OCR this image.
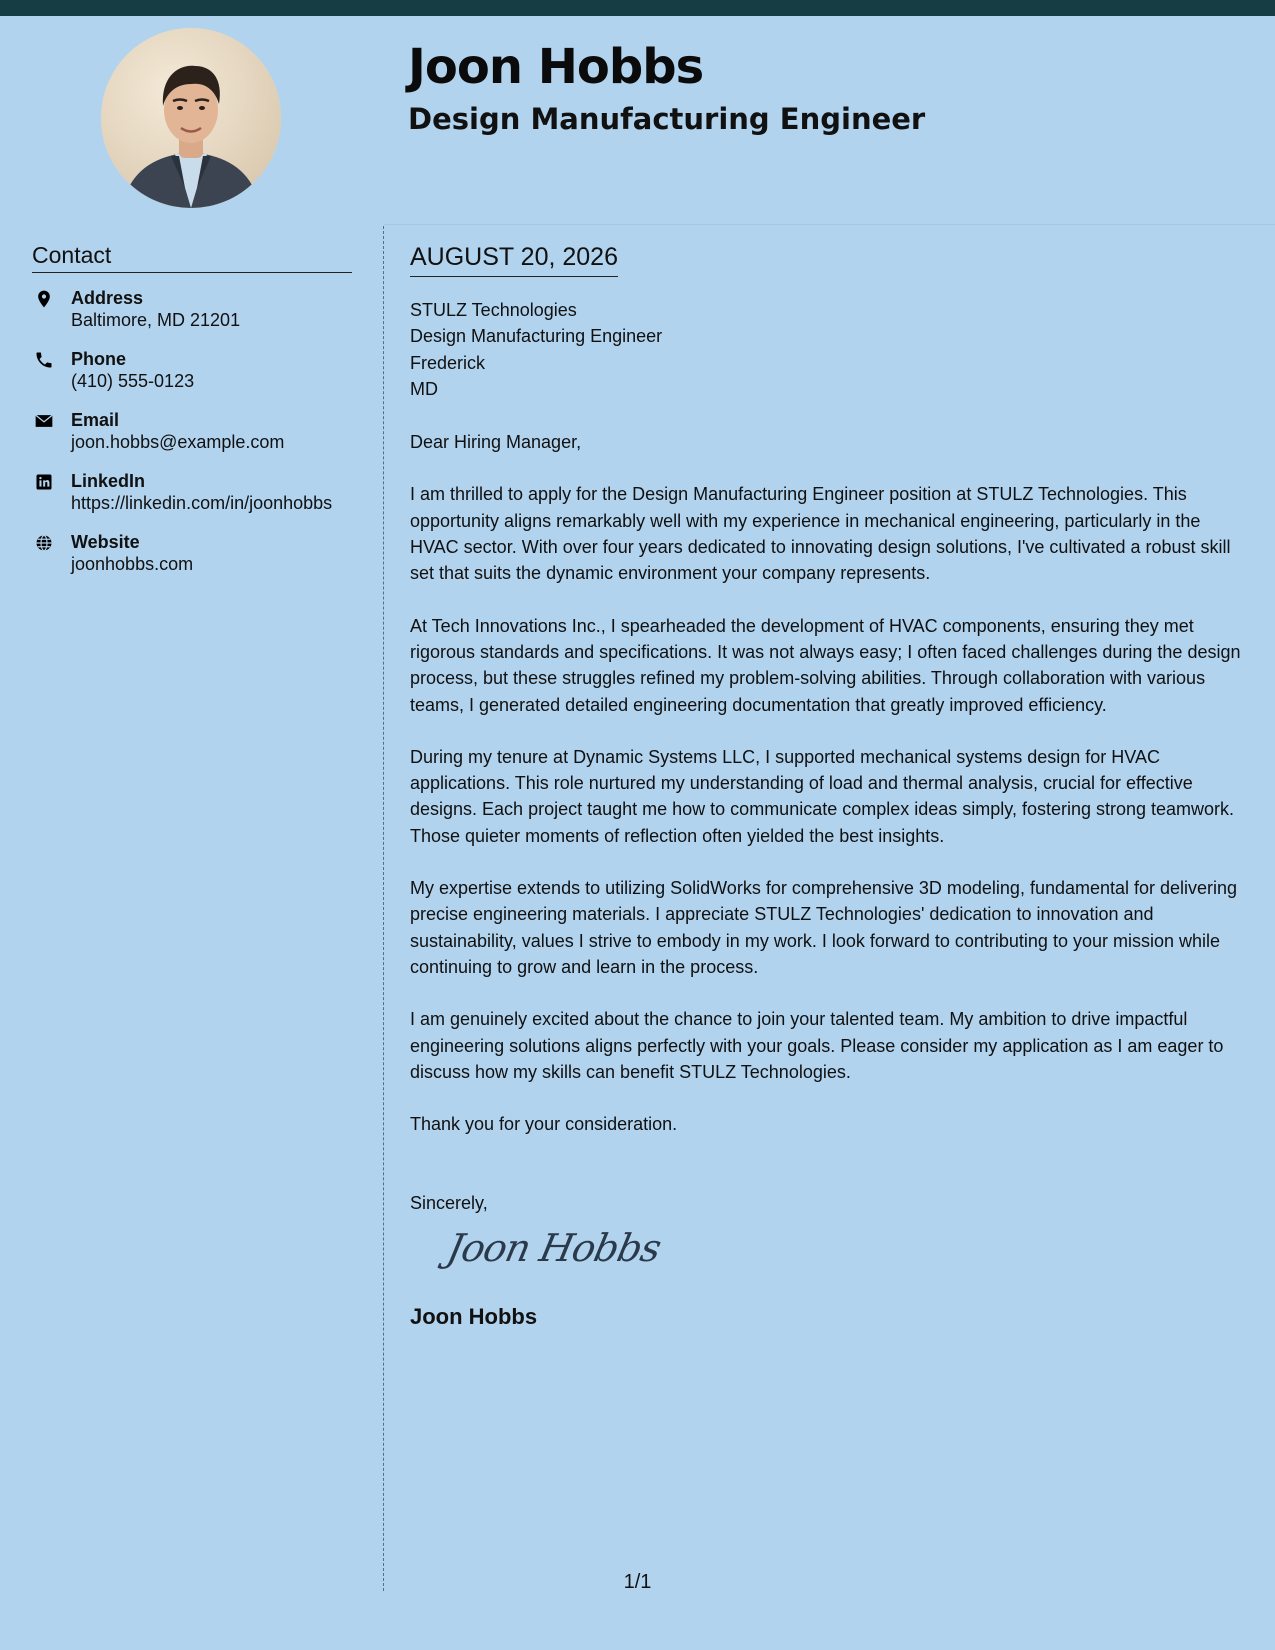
Joon Hobbs
Design Manufacturing Engineer
Contact
Address
Baltimore, MD 21201
Phone
(410) 555-0123
Email
joon.hobbs@example.com
LinkedIn
https://linkedin.com/in/joonhobbs
Website
joonhobbs.com
AUGUST 20, 2026
STULZ Technologies
Design Manufacturing Engineer
Frederick
MD

Dear Hiring Manager,

I am thrilled to apply for the Design Manufacturing Engineer position at STULZ Technologies. This opportunity aligns remarkably well with my experience in mechanical engineering, particularly in the HVAC sector. With over four years dedicated to innovating design solutions, I've cultivated a robust skill set that suits the dynamic environment your company represents.

At Tech Innovations Inc., I spearheaded the development of HVAC components, ensuring they met rigorous standards and specifications. It was not always easy; I often faced challenges during the design process, but these struggles refined my problem-solving abilities. Through collaboration with various teams, I generated detailed engineering documentation that greatly improved efficiency.

During my tenure at Dynamic Systems LLC, I supported mechanical systems design for HVAC applications. This role nurtured my understanding of load and thermal analysis, crucial for effective designs. Each project taught me how to communicate complex ideas simply, fostering strong teamwork. Those quieter moments of reflection often yielded the best insights.

My expertise extends to utilizing SolidWorks for comprehensive 3D modeling, fundamental for delivering precise engineering materials. I appreciate STULZ Technologies' dedication to innovation and sustainability, values I strive to embody in my work. I look forward to contributing to your mission while continuing to grow and learn in the process.

I am genuinely excited about the chance to join your talented team. My ambition to drive impactful engineering solutions aligns perfectly with your goals. Please consider my application as I am eager to discuss how my skills can benefit STULZ Technologies.

Thank you for your consideration.

Sincerely,

Joon Hobbs

Joon Hobbs

1/1
